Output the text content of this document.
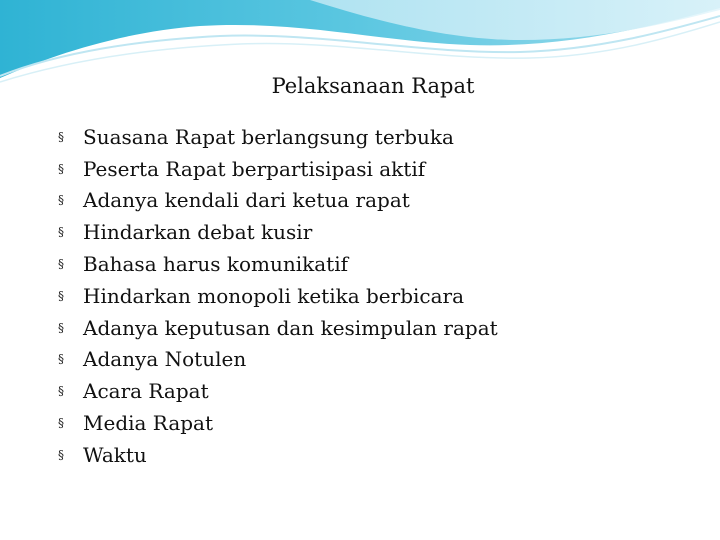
Pelaksanaan Rapat
§ Suasana Rapat berlangsung terbuka
§ Peserta Rapat berpartisipasi aktif
§ Adanya kendali dari ketua rapat
§ Hindarkan debat kusir
§ Bahasa harus komunikatif
§ Hindarkan monopoli ketika berbicara
§ Adanya keputusan dan kesimpulan rapat
§ Adanya Notulen
§ Acara Rapat
§ Media Rapat
§ Waktu
